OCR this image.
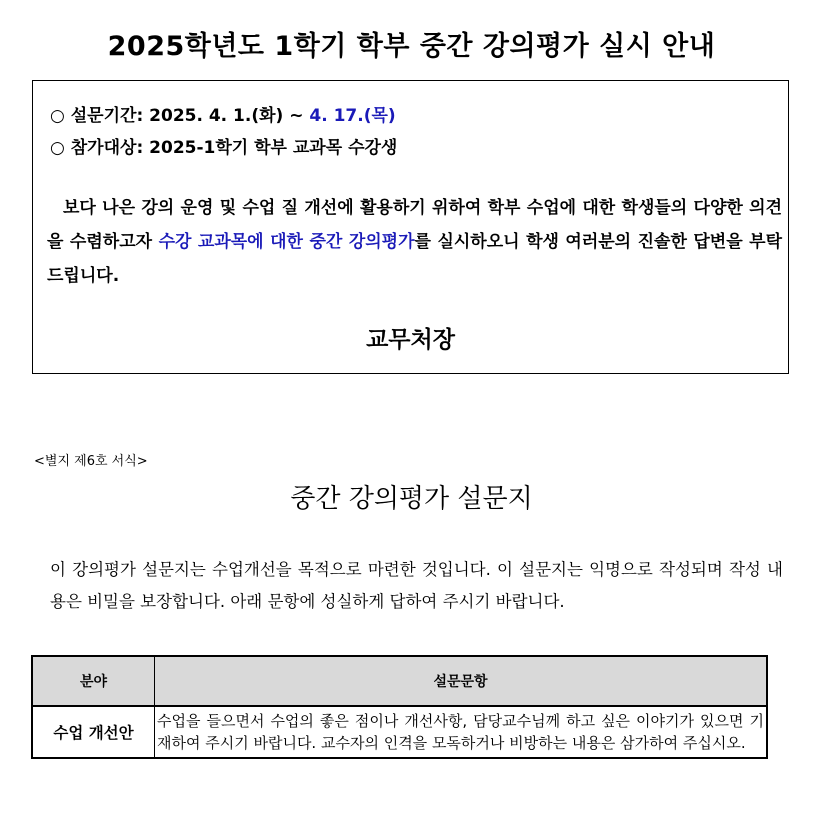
2025학년도 1학기 학부 중간 강의평가 실시 안내
○ 설문기간: 2025. 4. 1.(화) ~ 4. 17.(목)
○ 참가대상: 2025-1학기 학부 교과목 수강생
보다 나은 강의 운영 및 수업 질 개선에 활용하기 위하여 학부 수업에 대한 학생들의 다양한 의견을 수렴하고자 수강 교과목에 대한 중간 강의평가를 실시하오니 학생 여러분의 진솔한 답변을 부탁드립니다.
교무처장
<별지 제6호 서식>
중간 강의평가 설문지
이 강의평가 설문지는 수업개선을 목적으로 마련한 것입니다. 이 설문지는 익명으로 작성되며 작성 내용은 비밀을 보장합니다. 아래 문항에 성실하게 답하여 주시기 바랍니다.
분야	설문문항
수업 개선안	수업을 들으면서 수업의 좋은 점이나 개선사항, 담당교수님께 하고 싶은 이야기가 있으면 기재하여 주시기 바랍니다. 교수자의 인격을 모독하거나 비방하는 내용은 삼가하여 주십시오.
